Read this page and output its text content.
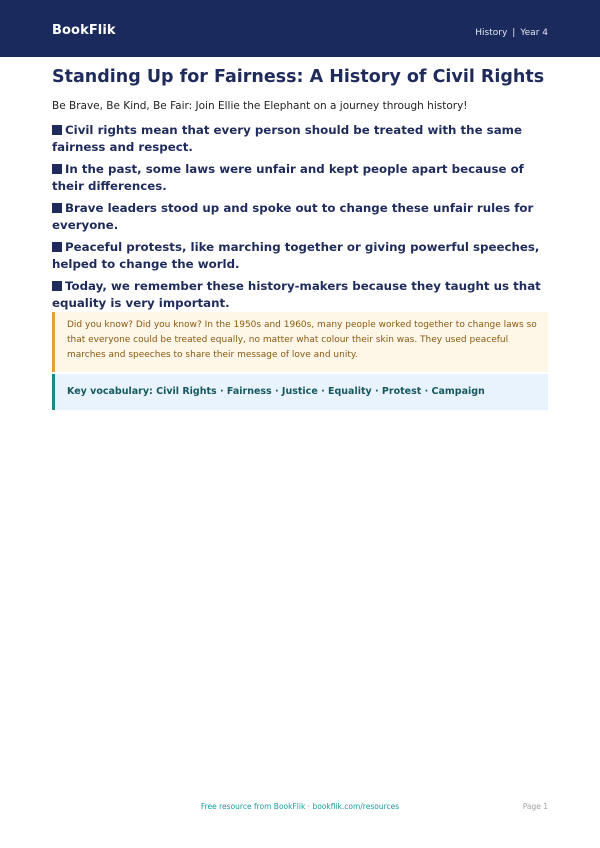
BookFlik	History | Year 4
Standing Up for Fairness: A History of Civil Rights
Be Brave, Be Kind, Be Fair: Join Ellie the Elephant on a journey through history!
Civil rights mean that every person should be treated with the same fairness and respect.
In the past, some laws were unfair and kept people apart because of their differences.
Brave leaders stood up and spoke out to change these unfair rules for everyone.
Peaceful protests, like marching together or giving powerful speeches, helped to change the world.
Today, we remember these history-makers because they taught us that equality is very important.

Did you know? Did you know? In the 1950s and 1960s, many people worked together to change laws so that everyone could be treated equally, no matter what colour their skin was. They used peaceful marches and speeches to share their message of love and unity.

Key vocabulary: Civil Rights · Fairness · Justice · Equality · Protest · Campaign
Free resource from BookFlik · bookflik.com/resources	Page 1
